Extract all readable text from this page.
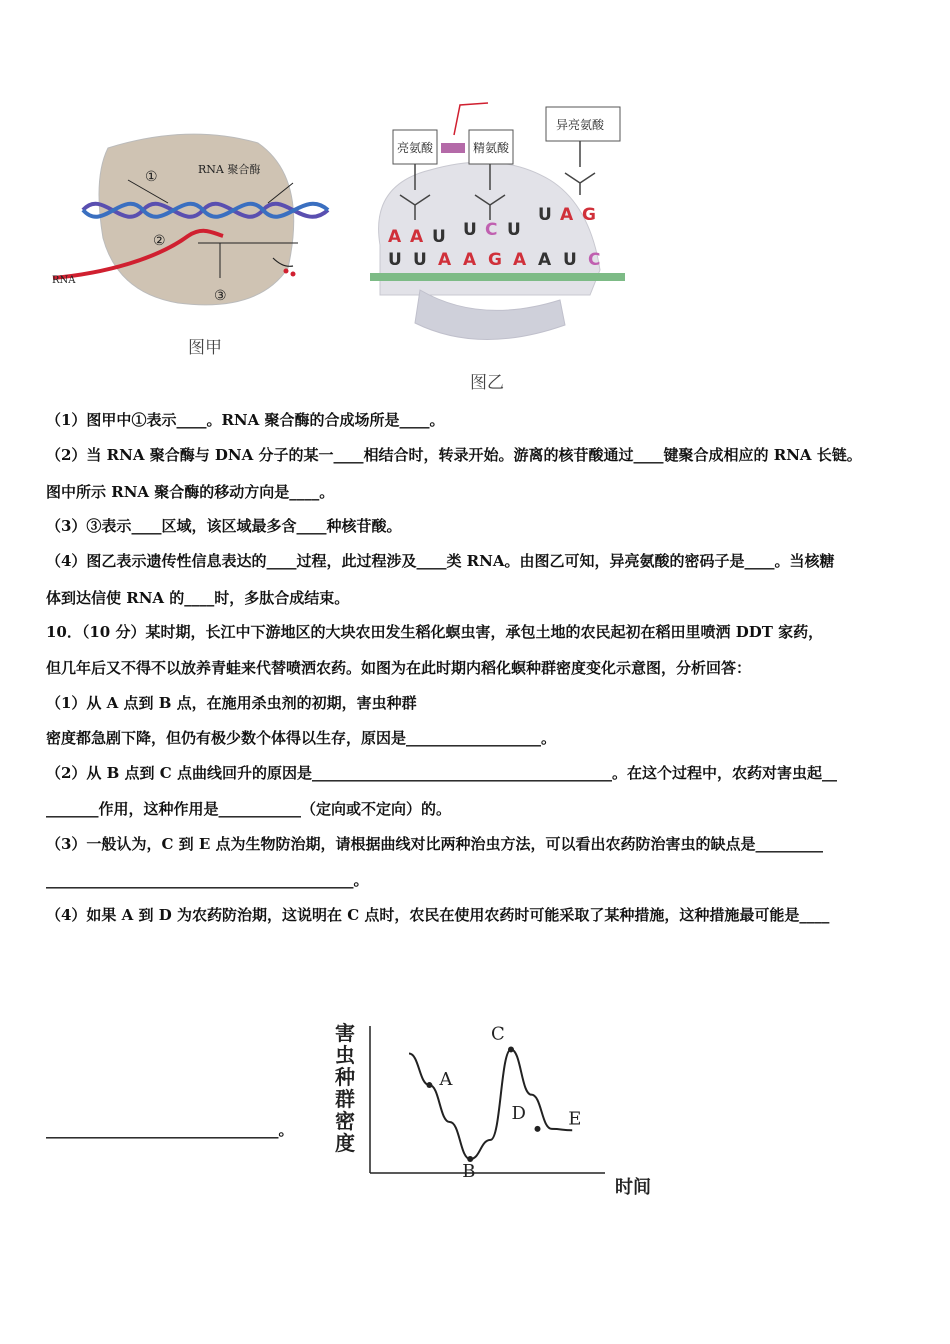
①	RNA 聚合酶
②
③
RNA
图甲
亮氨酸	精氨酸
异亮氨酸
A A U U C U
U A G
U U A A G A A U C
图乙
（1）图甲中①表示____。RNA 聚合酶的合成场所是____。
（2）当 RNA 聚合酶与 DNA 分子的某一____相结合时，转录开始。游离的核苷酸通过____键聚合成相应的 RNA 长链。
图中所示 RNA 聚合酶的移动方向是____。
（3）③表示____区域，该区域最多含____种核苷酸。
（4）图乙表示遗传性信息表达的____过程，此过程涉及____类 RNA。由图乙可知，异亮氨酸的密码子是____。当核糖
体到达信使 RNA 的____时，多肽合成结束。
10．（10 分）某时期，长江中下游地区的大块农田发生稻化螟虫害，承包土地的农民起初在稻田里喷洒 DDT 家药，
但几年后又不得不以放养青蛙来代替喷洒农药。如图为在此时期内稻化螟种群密度变化示意图，分析回答：
（1）从 A 点到 B 点，在施用杀虫剂的初期，害虫种群
密度都急剧下降，但仍有极少数个体得以生存，原因是__________________。
（2）从 B 点到 C 点曲线回升的原因是________________________________________。在这个过程中，农药对害虫起__
_______作用，这种作用是___________（定向或不定向）的。
（3）一般认为，C 到 E 点为生物防治期，请根据曲线对比两种治虫方法，可以看出农药防治害虫的缺点是_________
_________________________________________。
（4）如果 A 到 D 为农药防治期，这说明在 C 点时，农民在使用农药时可能采取了某种措施，这种措施最可能是____
_______________________________。
时间
害
虫
种
群
密
度
A
B
C
D E
